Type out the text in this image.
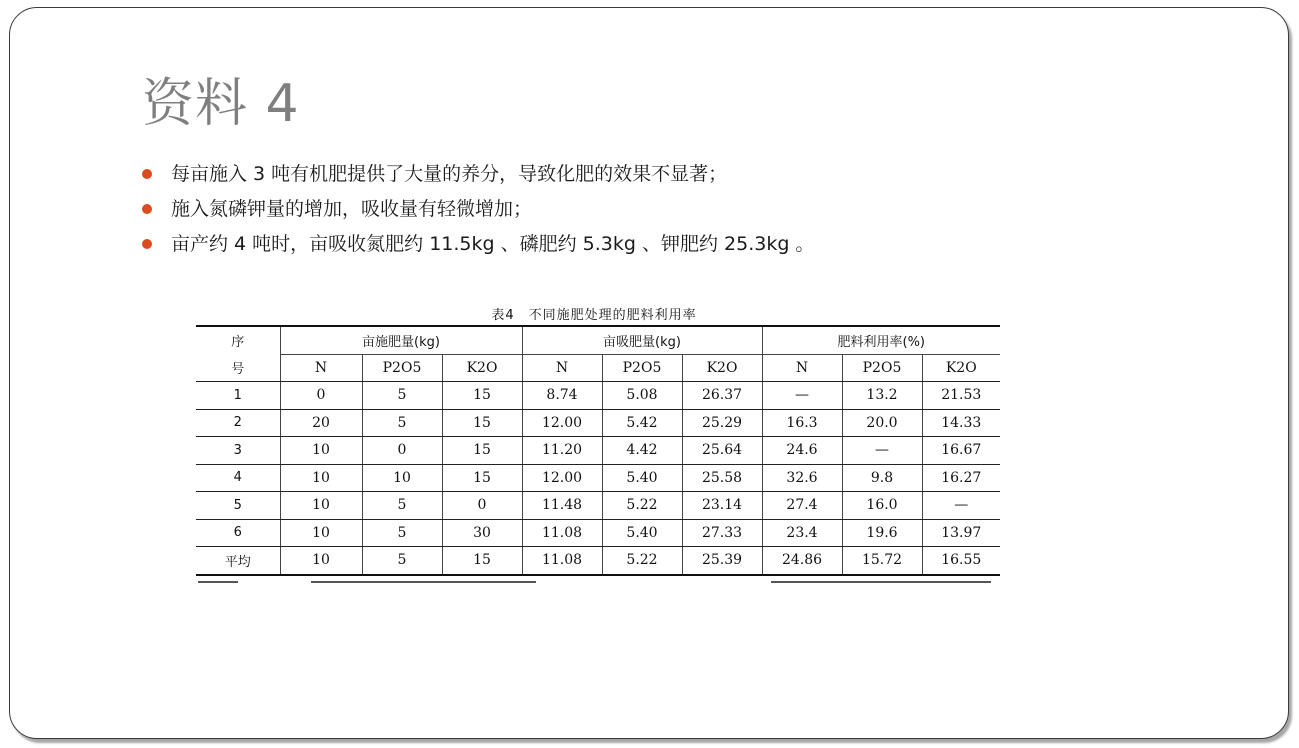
资料 4
每亩施入 3 吨有机肥提供了大量的养分，导致化肥的效果不显著；
施入氮磷钾量的增加，吸收量有轻微增加；
亩产约 4 吨时，亩吸收氮肥约 11.5kg 、磷肥约 5.3kg 、钾肥约 25.3kg 。
表4　不同施肥处理的肥料利用率
序	亩施肥量(kg)			亩吸肥量(kg)			肥料利用率(%)		
号	N	P2O5	K2O	N	P2O5	K2O	N	P2O5	K2O
1	0	5	15	8.74	5.08	26.37	—	13.2	21.53
2	20	5	15	12.00	5.42	25.29	16.3	20.0	14.33
3	10	0	15	11.20	4.42	25.64	24.6	—	16.67
4	10	10	15	12.00	5.40	25.58	32.6	9.8	16.27
5	10	5	0	11.48	5.22	23.14	27.4	16.0	—
6	10	5	30	11.08	5.40	27.33	23.4	19.6	13.97
平均	10	5	15	11.08	5.22	25.39	24.86	15.72	16.55
